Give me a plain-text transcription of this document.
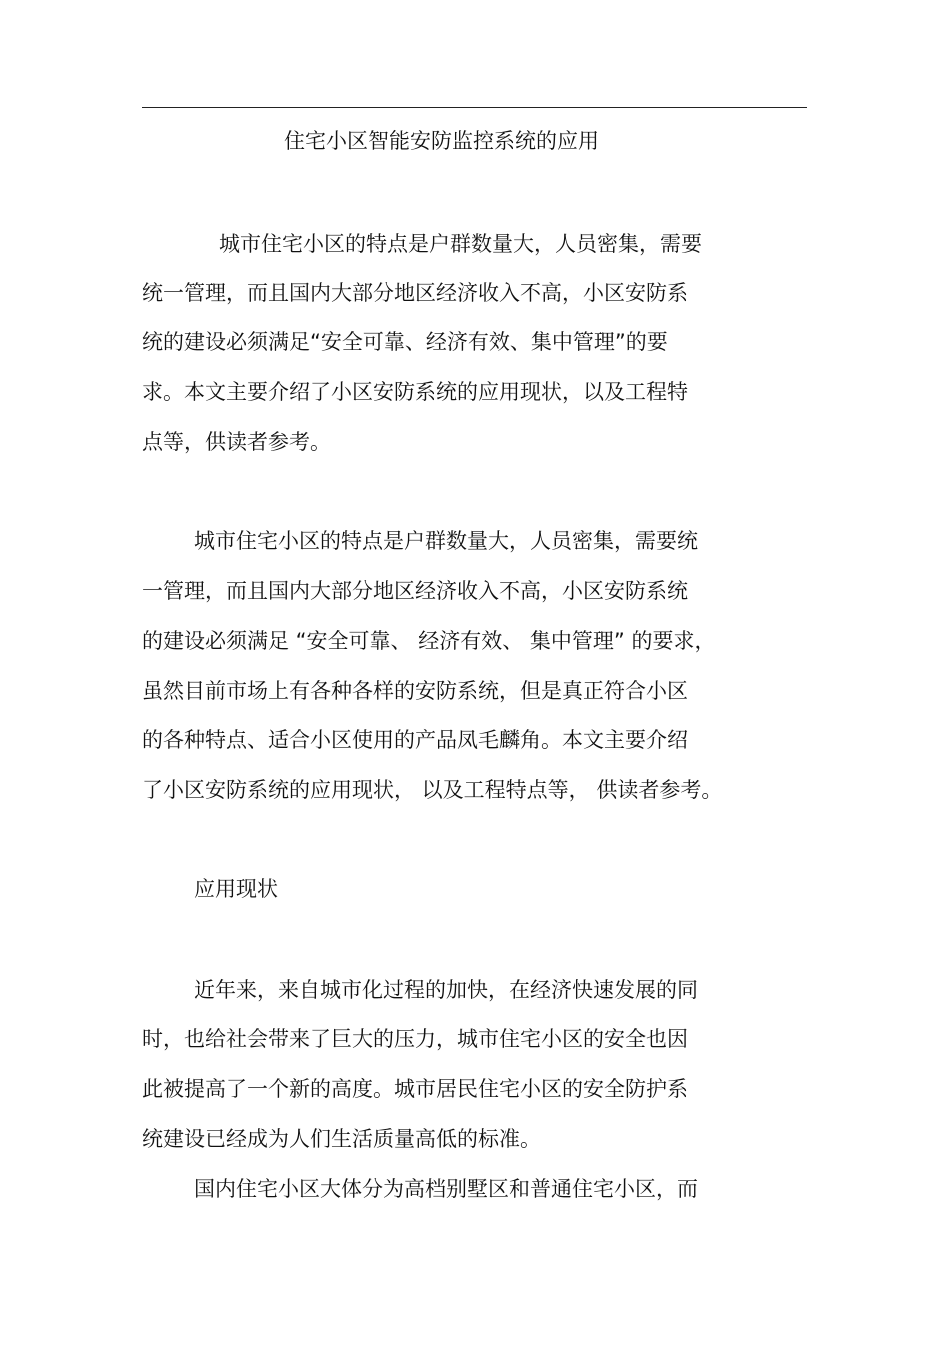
住宅小区智能安防监控系统的应用
城市住宅小区的特点是户群数量大，人员密集，需要
统一管理，而且国内大部分地区经济收入不高，小区安防系
统的建设必须满足“安全可靠、经济有效、集中管理”的要
求。本文主要介绍了小区安防系统的应用现状，以及工程特
点等，供读者参考。
城市住宅小区的特点是户群数量大，人员密集，需要统
一管理，而且国内大部分地区经济收入不高，小区安防系统
的建设必须满足 “安全可靠、 经济有效、 集中管理” 的要求，
虽然目前市场上有各种各样的安防系统，但是真正符合小区
的各种特点、适合小区使用的产品凤毛麟角。本文主要介绍
了小区安防系统的应用现状， 以及工程特点等， 供读者参考。
应用现状
近年来，来自城市化过程的加快，在经济快速发展的同
时，也给社会带来了巨大的压力，城市住宅小区的安全也因
此被提高了一个新的高度。城市居民住宅小区的安全防护系
统建设已经成为人们生活质量高低的标准。
国内住宅小区大体分为高档别墅区和普通住宅小区，而
